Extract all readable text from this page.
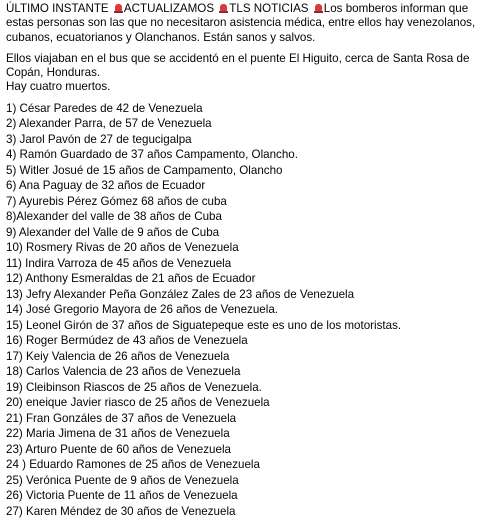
ÚLTIMO INSTANTE ACTUALIZAMOS TLS NOTICIAS Los bomberos informan que estas personas son las que no necesitaron asistencia médica, entre ellos hay venezolanos, cubanos, ecuatorianos y Olanchanos. Están sanos y salvos.

Ellos viajaban en el bus que se accidentó en el puente El Higuito, cerca de Santa Rosa de Copán, Honduras.
Hay cuatro muertos.

1) César Paredes de 42 de Venezuela
2) Alexander Parra, de 57 de Venezuela
3) Jarol Pavón de 27 de tegucigalpa
4) Ramón Guardado de 37 años Campamento, Olancho.
5) Witler Josué de 15 años de Campamento, Olancho
6) Ana Paguay de 32 años de Ecuador
7) Ayurebis Pérez Gómez 68 años de cuba
8)Alexander del valle de 38 años de Cuba
9) Alexander del Valle de 9 años de Cuba
10) Rosmery Rivas de 20 años de Venezuela
11) Indira Varroza de 45 años de Venezuela
12) Anthony Esmeraldas de 21 años de Ecuador
13) Jefry Alexander Peña González Zales de 23 años de Venezuela
14) José Gregorio Mayora de 26 años de Venezuela.
15) Leonel Girón de 37 años de Siguatepeque este es uno de los motoristas.
16) Roger Bermúdez de 43 años de Venezuela
17) Keiy Valencia de 26 años de Venezuela
18) Carlos Valencia de 23 años de Venezuela
19) Cleibinson Riascos de 25 años de Venezuela.
20) eneique Javier riasco de 25 años de Venezuela
21) Fran Gonzáles de 37 años de Venezuela
22) Maria Jimena de 31 años de Venezuela
23) Arturo Puente de 60 años de Venezuela
24 ) Eduardo Ramones de 25 años de Venezuela
25) Verónica Puente de 9 años de Venezuela
26) Victoria Puente de 11 años de Venezuela
27) Karen Méndez de 30 años de Venezuela
